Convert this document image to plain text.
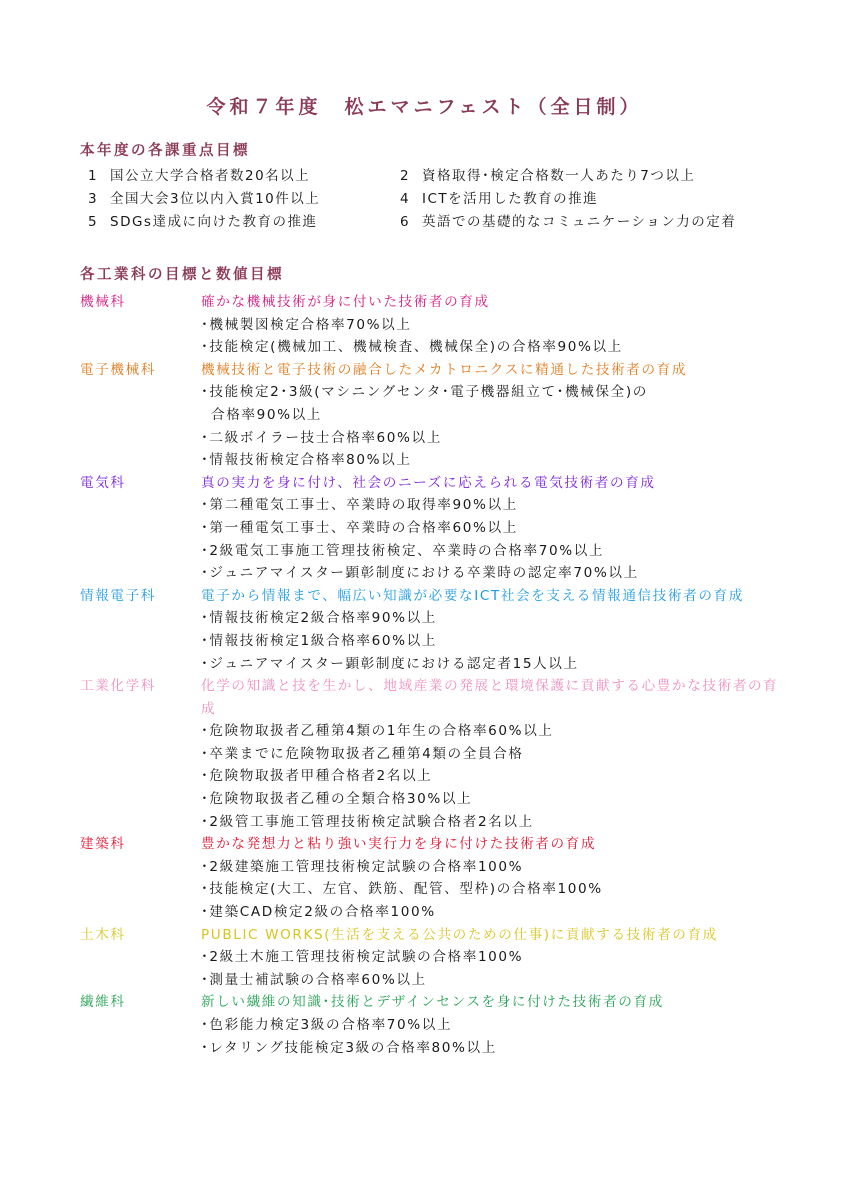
令和７年度　松エマニフェスト（全日制）
本年度の各課重点目標
1 国公立大学合格者数20名以上	2 資格取得･検定合格数一人あたり7つ以上
3 全国大会3位以内入賞10件以上	4 ICTを活用した教育の推進
5 SDGs達成に向けた教育の推進	6 英語での基礎的なコミュニケーション力の定着
各工業科の目標と数値目標
機械科	確かな機械技術が身に付いた技術者の育成
･機械製図検定合格率70%以上
･技能検定(機械加工、機械検査、機械保全)の合格率90%以上
電子機械科	機械技術と電子技術の融合したメカトロニクスに精通した技術者の育成
･技能検定2･3級(マシニングセンタ･電子機器組立て･機械保全)の
合格率90%以上
･二級ボイラー技士合格率60%以上
･情報技術検定合格率80%以上
電気科	真の実力を身に付け、社会のニーズに応えられる電気技術者の育成
･第二種電気工事士、卒業時の取得率90%以上
･第一種電気工事士、卒業時の合格率60%以上
･2級電気工事施工管理技術検定、卒業時の合格率70%以上
･ジュニアマイスター顕彰制度における卒業時の認定率70%以上
情報電子科	電子から情報まで、幅広い知識が必要なICT社会を支える情報通信技術者の育成
･情報技術検定2級合格率90%以上
･情報技術検定1級合格率60%以上
･ジュニアマイスター顕彰制度における認定者15人以上
工業化学科	化学の知識と技を生かし、地域産業の発展と環境保護に貢献する心豊かな技術者の育成
･危険物取扱者乙種第4類の1年生の合格率60%以上
･卒業までに危険物取扱者乙種第4類の全員合格
･危険物取扱者甲種合格者2名以上
･危険物取扱者乙種の全類合格30%以上
･2級管工事施工管理技術検定試験合格者2名以上
建築科	豊かな発想力と粘り強い実行力を身に付けた技術者の育成
･2級建築施工管理技術検定試験の合格率100%
･技能検定(大工、左官、鉄筋、配管、型枠)の合格率100%
･建築CAD検定2級の合格率100%
土木科	PUBLIC WORKS(生活を支える公共のための仕事)に貢献する技術者の育成
･2級土木施工管理技術検定試験の合格率100%
･測量士補試験の合格率60%以上
繊維科	新しい繊維の知識･技術とデザインセンスを身に付けた技術者の育成
･色彩能力検定3級の合格率70%以上
･レタリング技能検定3級の合格率80%以上
